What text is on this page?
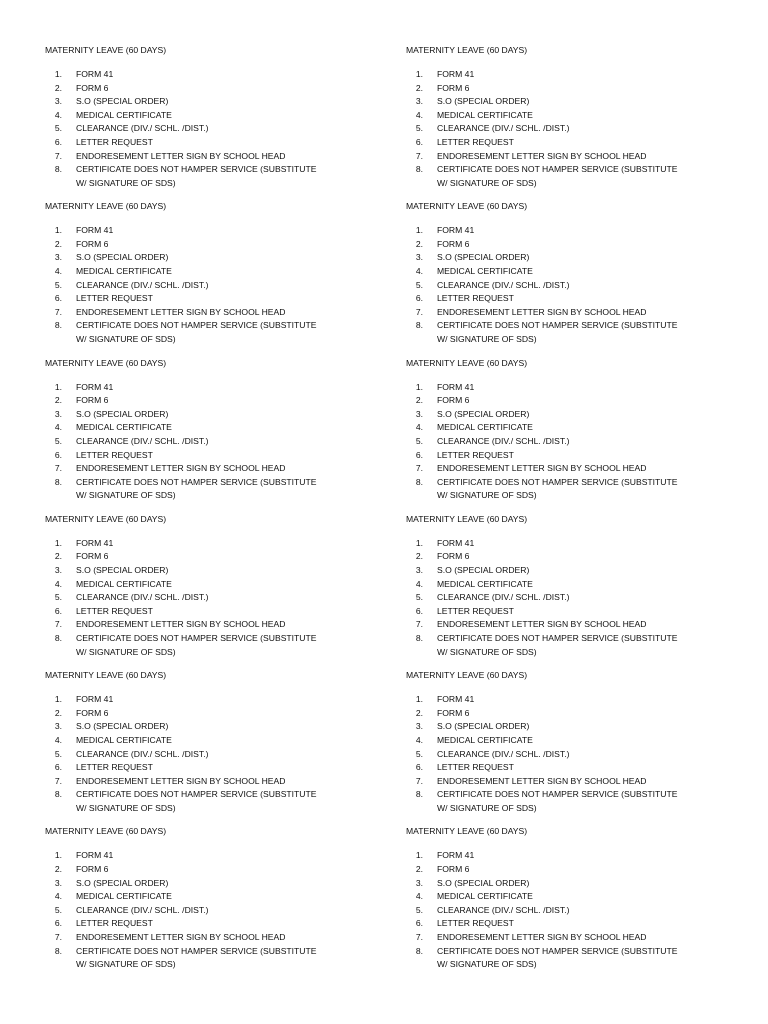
MATERNITY LEAVE (60 DAYS)

1.	FORM 41
2.	FORM 6
3.	S.O (SPECIAL ORDER)
4.	MEDICAL CERTIFICATE
5.	CLEARANCE (DIV./ SCHL. /DIST.)
6.	LETTER REQUEST
7.	ENDORESEMENT LETTER SIGN BY SCHOOL HEAD
8.	CERTIFICATE DOES NOT HAMPER SERVICE (SUBSTITUTE W/ SIGNATURE OF SDS)

MATERNITY LEAVE (60 DAYS)

1.	FORM 41
2.	FORM 6
3.	S.O (SPECIAL ORDER)
4.	MEDICAL CERTIFICATE
5.	CLEARANCE (DIV./ SCHL. /DIST.)
6.	LETTER REQUEST
7.	ENDORESEMENT LETTER SIGN BY SCHOOL HEAD
8.	CERTIFICATE DOES NOT HAMPER SERVICE (SUBSTITUTE W/ SIGNATURE OF SDS)

MATERNITY LEAVE (60 DAYS)

1.	FORM 41
2.	FORM 6
3.	S.O (SPECIAL ORDER)
4.	MEDICAL CERTIFICATE
5.	CLEARANCE (DIV./ SCHL. /DIST.)
6.	LETTER REQUEST
7.	ENDORESEMENT LETTER SIGN BY SCHOOL HEAD
8.	CERTIFICATE DOES NOT HAMPER SERVICE (SUBSTITUTE W/ SIGNATURE OF SDS)

MATERNITY LEAVE (60 DAYS)

1.	FORM 41
2.	FORM 6
3.	S.O (SPECIAL ORDER)
4.	MEDICAL CERTIFICATE
5.	CLEARANCE (DIV./ SCHL. /DIST.)
6.	LETTER REQUEST
7.	ENDORESEMENT LETTER SIGN BY SCHOOL HEAD
8.	CERTIFICATE DOES NOT HAMPER SERVICE (SUBSTITUTE W/ SIGNATURE OF SDS)

MATERNITY LEAVE (60 DAYS)

1.	FORM 41
2.	FORM 6
3.	S.O (SPECIAL ORDER)
4.	MEDICAL CERTIFICATE
5.	CLEARANCE (DIV./ SCHL. /DIST.)
6.	LETTER REQUEST
7.	ENDORESEMENT LETTER SIGN BY SCHOOL HEAD
8.	CERTIFICATE DOES NOT HAMPER SERVICE (SUBSTITUTE W/ SIGNATURE OF SDS)

MATERNITY LEAVE (60 DAYS)

1.	FORM 41
2.	FORM 6
3.	S.O (SPECIAL ORDER)
4.	MEDICAL CERTIFICATE
5.	CLEARANCE (DIV./ SCHL. /DIST.)
6.	LETTER REQUEST
7.	ENDORESEMENT LETTER SIGN BY SCHOOL HEAD
8.	CERTIFICATE DOES NOT HAMPER SERVICE (SUBSTITUTE W/ SIGNATURE OF SDS)

MATERNITY LEAVE (60 DAYS)

1.	FORM 41
2.	FORM 6
3.	S.O (SPECIAL ORDER)
4.	MEDICAL CERTIFICATE
5.	CLEARANCE (DIV./ SCHL. /DIST.)
6.	LETTER REQUEST
7.	ENDORESEMENT LETTER SIGN BY SCHOOL HEAD
8.	CERTIFICATE DOES NOT HAMPER SERVICE (SUBSTITUTE W/ SIGNATURE OF SDS)

MATERNITY LEAVE (60 DAYS)

1.	FORM 41
2.	FORM 6
3.	S.O (SPECIAL ORDER)
4.	MEDICAL CERTIFICATE
5.	CLEARANCE (DIV./ SCHL. /DIST.)
6.	LETTER REQUEST
7.	ENDORESEMENT LETTER SIGN BY SCHOOL HEAD
8.	CERTIFICATE DOES NOT HAMPER SERVICE (SUBSTITUTE W/ SIGNATURE OF SDS)

MATERNITY LEAVE (60 DAYS)

1.	FORM 41
2.	FORM 6
3.	S.O (SPECIAL ORDER)
4.	MEDICAL CERTIFICATE
5.	CLEARANCE (DIV./ SCHL. /DIST.)
6.	LETTER REQUEST
7.	ENDORESEMENT LETTER SIGN BY SCHOOL HEAD
8.	CERTIFICATE DOES NOT HAMPER SERVICE (SUBSTITUTE W/ SIGNATURE OF SDS)

MATERNITY LEAVE (60 DAYS)

1.	FORM 41
2.	FORM 6
3.	S.O (SPECIAL ORDER)
4.	MEDICAL CERTIFICATE
5.	CLEARANCE (DIV./ SCHL. /DIST.)
6.	LETTER REQUEST
7.	ENDORESEMENT LETTER SIGN BY SCHOOL HEAD
8.	CERTIFICATE DOES NOT HAMPER SERVICE (SUBSTITUTE W/ SIGNATURE OF SDS)

MATERNITY LEAVE (60 DAYS)

1.	FORM 41
2.	FORM 6
3.	S.O (SPECIAL ORDER)
4.	MEDICAL CERTIFICATE
5.	CLEARANCE (DIV./ SCHL. /DIST.)
6.	LETTER REQUEST
7.	ENDORESEMENT LETTER SIGN BY SCHOOL HEAD
8.	CERTIFICATE DOES NOT HAMPER SERVICE (SUBSTITUTE W/ SIGNATURE OF SDS)

MATERNITY LEAVE (60 DAYS)

1.	FORM 41
2.	FORM 6
3.	S.O (SPECIAL ORDER)
4.	MEDICAL CERTIFICATE
5.	CLEARANCE (DIV./ SCHL. /DIST.)
6.	LETTER REQUEST
7.	ENDORESEMENT LETTER SIGN BY SCHOOL HEAD
8.	CERTIFICATE DOES NOT HAMPER SERVICE (SUBSTITUTE W/ SIGNATURE OF SDS)
